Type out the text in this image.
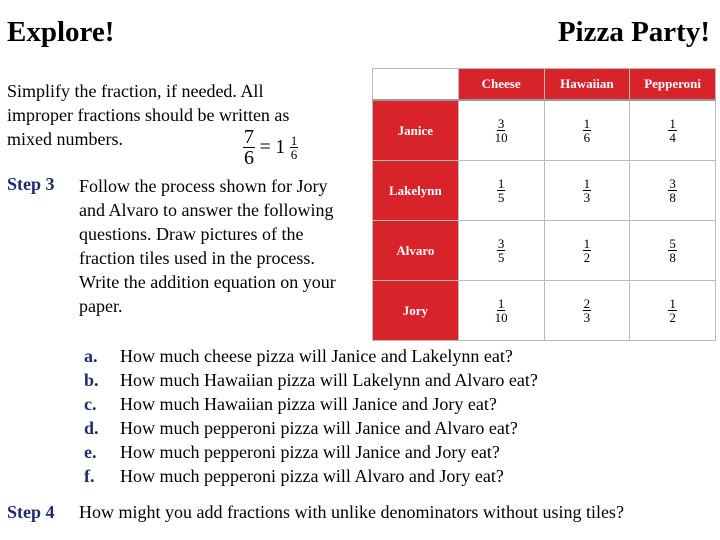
Explore!	Pizza Party!
Simplify the fraction, if needed. All improper fractions should be written as mixed numbers.	$\frac{7}{6} = 1 \frac{1}{6}$
Step 3 Follow the process shown for Jory and Alvaro to answer the following questions. Draw pictures of the fraction tiles used in the process. Write the addition equation on your paper.
	Cheese	Hawaiian	Pepperoni
Janice	$\frac{3}{10}$	$\frac{1}{6}$	$\frac{1}{4}$

Lakelynn	$\frac{1}{5}$	$\frac{1}{3}$	$\frac{3}{8}$

Alvaro	$\frac{3}{5}$	$\frac{1}{2}$	$\frac{5}{8}$

Jory	$\frac{1}{10}$	$\frac{2}{3}$	$\frac{1}{2}$
a.	How much cheese pizza will Janice and Lakelynn eat?
b.	How much Hawaiian pizza will Lakelynn and Alvaro eat?
c.	How much Hawaiian pizza will Janice and Jory eat?
d.	How much pepperoni pizza will Janice and Alvaro eat?
e.	How much pepperoni pizza will Janice and Jory eat?
f.	How much pepperoni pizza will Alvaro and Jory eat?
Step 4 How might you add fractions with unlike denominators without using tiles?
